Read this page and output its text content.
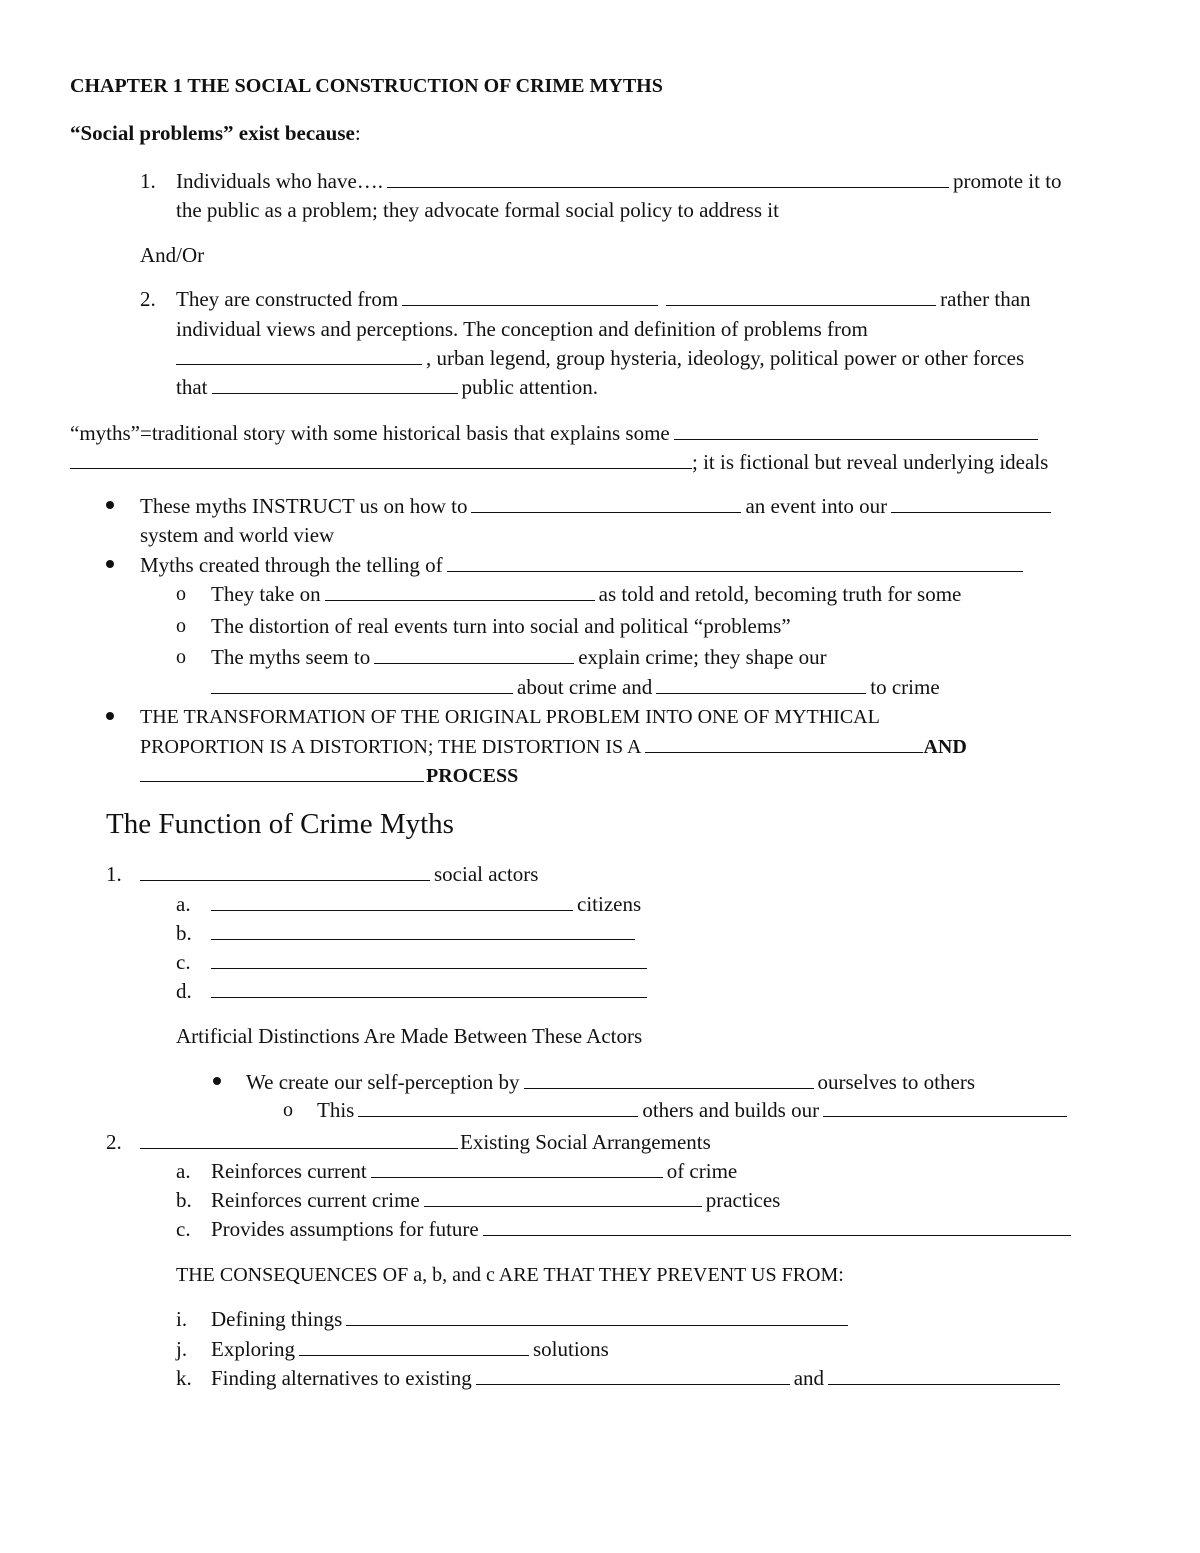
CHAPTER 1 THE SOCIAL CONSTRUCTION OF CRIME MYTHS
“Social problems” exist because:
1. Individuals who have….	promote it to
the public as a problem; they advocate formal social policy to address it
And/Or
2. They are constructed from	rather than
individual views and perceptions. The conception and definition of problems from
, urban legend, group hysteria, ideology, political power or other forces
that	public attention.
“myths”=traditional story with some historical basis that explains some
; it is fictional but reveal underlying ideals
These myths INSTRUCT us on how to	an event into our
system and world view
Myths created through the telling of
o They take on	as told and retold, becoming truth for some
o The distortion of real events turn into social and political “problems”
o The myths seem to	explain crime; they shape our
about crime and	to crime
THE TRANSFORMATION OF THE ORIGINAL PROBLEM INTO ONE OF MYTHICAL
PROPORTION IS A DISTORTION; THE DISTORTION IS A	AND
PROCESS
The Function of Crime Myths
1.	social actors
a.	citizens
b.
c.
d.
Artificial Distinctions Are Made Between These Actors
We create our self-perception by	ourselves to others
o This	others and builds our
2.	Existing Social Arrangements
a. Reinforces current	of crime
b. Reinforces current crime	practices
c. Provides assumptions for future
THE CONSEQUENCES OF a, b, and c ARE THAT THEY PREVENT US FROM:
i. Defining things
j. Exploring	solutions
k. Finding alternatives to existing	and
